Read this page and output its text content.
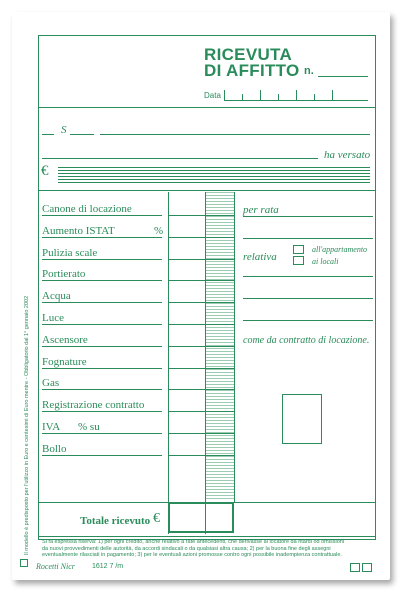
RICEVUTA
DI AFFITTO n.
Data
S
ha versato
€
Canone di locazione
Aumento ISTAT	%
Pulizia scale
Portierato
Acqua
Luce
Ascensore
Fognature
Gas
Registrazione contratto
IVA % su
Bollo
per rata
relativa
all'appartamento
ai locali
come da contratto di locazione.
Totale ricevuto €
Si fa espressa riserva: 1) per ogni credito, anche relativo a rate antecedenti, che derivasse al locatore da ritardi od omissioni
da nuovi provvedimenti delle autorità, da accordi sindacali o da qualsiasi altra causa; 2) per la buona fine degli assegni
eventualmente rilasciati in pagamento; 3) per le eventuali azioni promosse contro ogni possibile inadempienza contrattuale.
Rocetti Nicr 1612 7 /m
Il modello è predisposto per l'utilizzo in Euro e centesimi di Euro mentre - Obbligatorio dal 1° gennaio 2002
